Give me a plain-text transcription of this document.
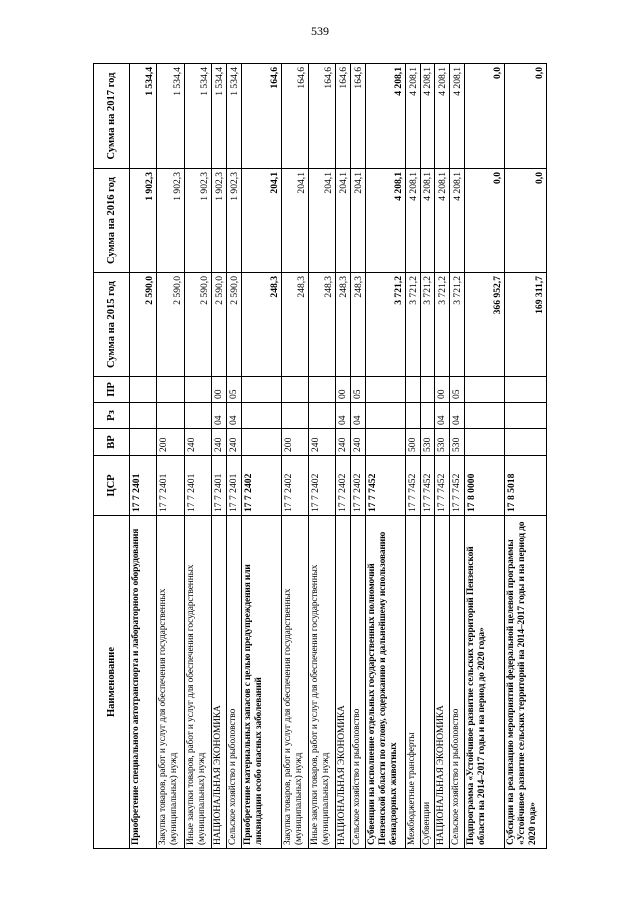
539
Наименование	ЦСР	ВР	Рз	ПР	Сумма на 2015 год	Сумма на 2016 год	Сумма на 2017 год
Приобретение специального автотранспорта и лабораторного оборудования	17 7 2401				2 590,0	1 902,3	1 534,4
Закупка товаров, работ и услуг для обеспечения государственных (муниципальных) нужд	17 7 2401	200			2 590,0	1 902,3	1 534,4
Иные закупки товаров, работ и услуг для обеспечения государственных (муниципальных) нужд	17 7 2401	240			2 590,0	1 902,3	1 534,4
НАЦИОНАЛЬНАЯ ЭКОНОМИКА	17 7 2401	240	04	00	2 590,0	1 902,3	1 534,4
Сельское хозяйство и рыболовство	17 7 2401	240	04	05	2 590,0	1 902,3	1 534,4
Приобретение материальных запасов с целью предупреждения или ликвидации особо опасных заболеваний	17 7 2402				248,3	204,1	164,6
Закупка товаров, работ и услуг для обеспечения государственных (муниципальных) нужд	17 7 2402	200			248,3	204,1	164,6
Иные закупки товаров, работ и услуг для обеспечения государственных (муниципальных) нужд	17 7 2402	240			248,3	204,1	164,6
НАЦИОНАЛЬНАЯ ЭКОНОМИКА	17 7 2402	240	04	00	248,3	204,1	164,6
Сельское хозяйство и рыболовство	17 7 2402	240	04	05	248,3	204,1	164,6
Субвенции на исполнение отдельных государственных полномочий Пензенской области по отлову, содержанию и дальнейшему использованию безнадзорных животных	17 7 7452				3 721,2	4 208,1	4 208,1
Межбюджетные трансферты	17 7 7452	500			3 721,2	4 208,1	4 208,1
Субвенции	17 7 7452	530			3 721,2	4 208,1	4 208,1
НАЦИОНАЛЬНАЯ ЭКОНОМИКА	17 7 7452	530	04	00	3 721,2	4 208,1	4 208,1
Сельское хозяйство и рыболовство	17 7 7452	530	04	05	3 721,2	4 208,1	4 208,1
Подпрограмма «Устойчивое развитие сельских территорий Пензенской области на 2014–2017 годы и на период до 2020 года»	17 8 0000				366 952,7	0,0	0,0
Субсидии на реализацию мероприятий федеральной целевой программы «Устойчивое развитие сельских территорий на 2014–2017 годы и на период до 2020 года»	17 8 5018				169 311,7	0,0	0,0
